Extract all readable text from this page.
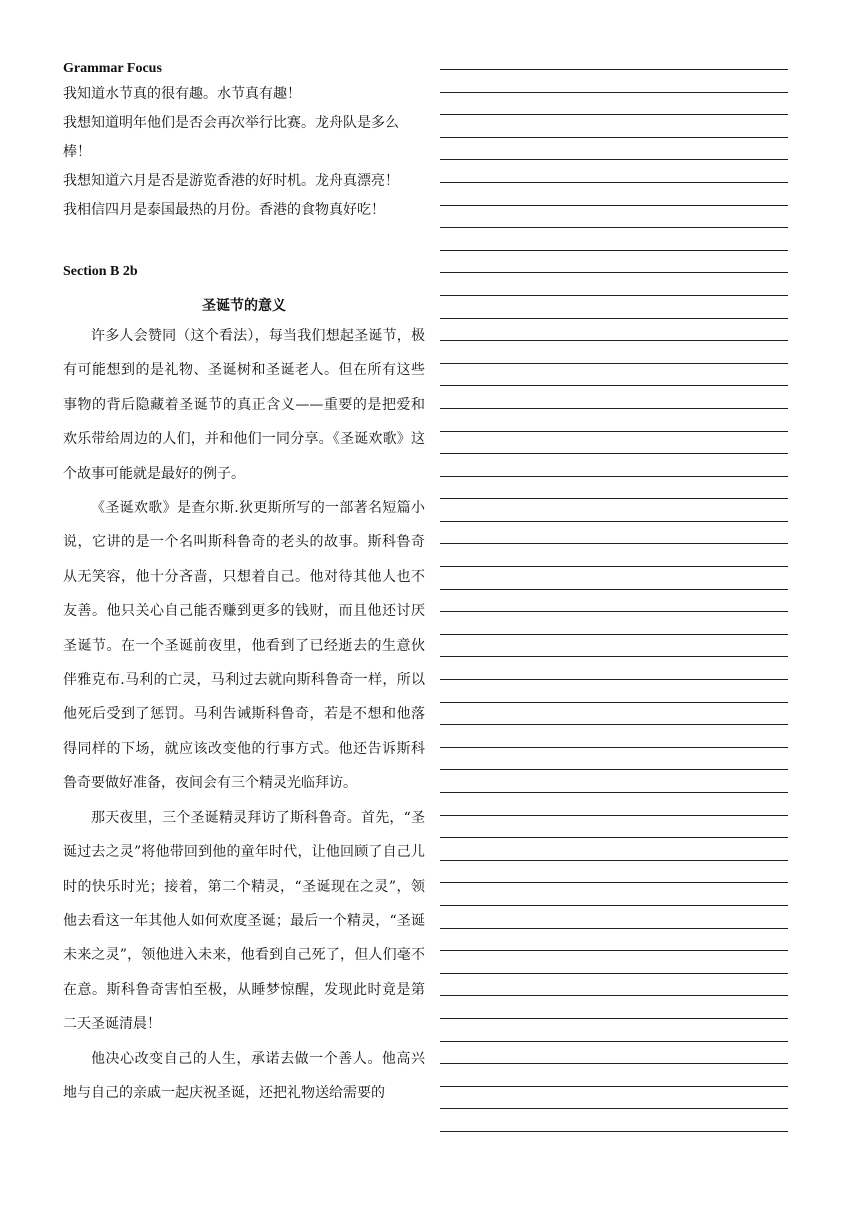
Grammar Focus
我知道水节真的很有趣。水节真有趣！
我想知道明年他们是否会再次举行比赛。龙舟队是多么
棒！
我想知道六月是否是游览香港的好时机。龙舟真漂亮！
我相信四月是泰国最热的月份。香港的食物真好吃！
Section B 2b
圣诞节的意义

许多人会赞同（这个看法），每当我们想起圣诞节，极有可能想到的是礼物、圣诞树和圣诞老人。但在所有这些事物的背后隐藏着圣诞节的真正含义——重要的是把爱和欢乐带给周边的人们，并和他们一同分享。《圣诞欢歌》这个故事可能就是最好的例子。

《圣诞欢歌》是查尔斯.狄更斯所写的一部著名短篇小说，它讲的是一个名叫斯科鲁奇的老头的故事。斯科鲁奇从无笑容，他十分吝啬，只想着自己。他对待其他人也不友善。他只关心自己能否赚到更多的钱财，而且他还讨厌圣诞节。在一个圣诞前夜里，他看到了已经逝去的生意伙伴雅克布.马利的亡灵，马利过去就向斯科鲁奇一样，所以他死后受到了惩罚。马利告诫斯科鲁奇，若是不想和他落得同样的下场，就应该改变他的行事方式。他还告诉斯科鲁奇要做好准备，夜间会有三个精灵光临拜访。

那天夜里，三个圣诞精灵拜访了斯科鲁奇。首先，“圣诞过去之灵”将他带回到他的童年时代，让他回顾了自己儿时的快乐时光；接着，第二个精灵，“圣诞现在之灵”，领他去看这一年其他人如何欢度圣诞；最后一个精灵，“圣诞未来之灵”，领他进入未来，他看到自己死了，但人们毫不在意。斯科鲁奇害怕至极，从睡梦惊醒，发现此时竟是第二天圣诞清晨！

他决心改变自己的人生，承诺去做一个善人。他高兴地与自己的亲戚一起庆祝圣诞，还把礼物送给需要的
